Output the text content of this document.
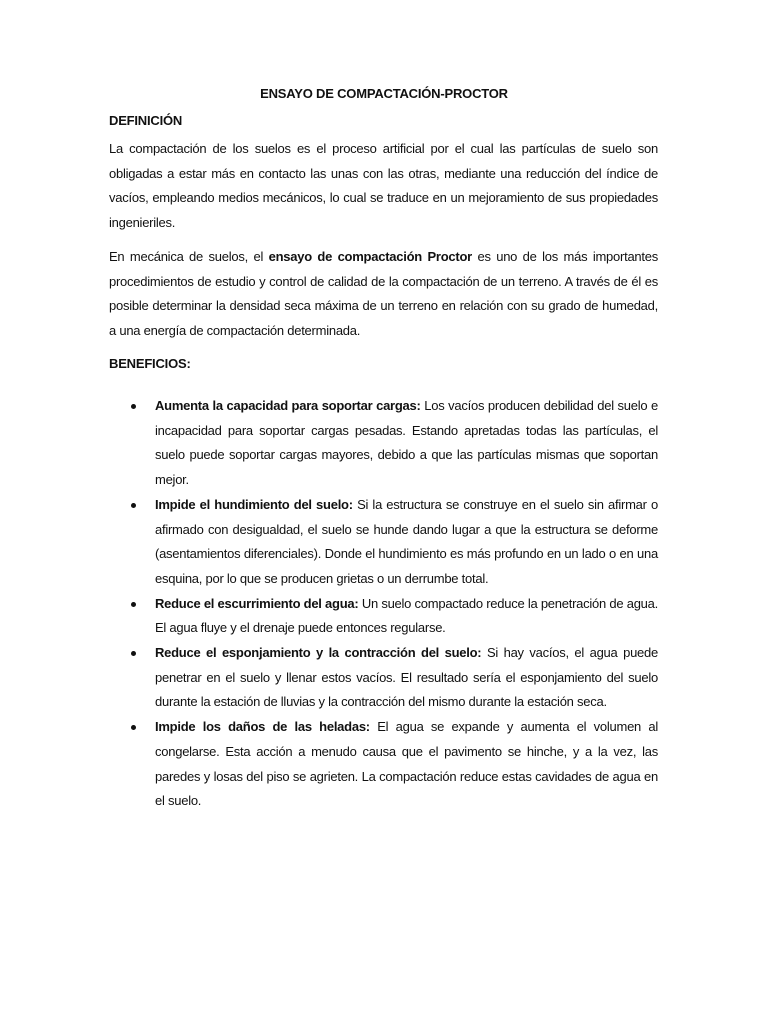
ENSAYO DE COMPACTACIÓN-PROCTOR
DEFINICIÓN

La compactación de los suelos es el proceso artificial por el cual las partículas de suelo son obligadas a estar más en contacto las unas con las otras, mediante una reducción del índice de vacíos, empleando medios mecánicos, lo cual se traduce en un mejoramiento de sus propiedades ingenieriles.

En mecánica de suelos, el ensayo de compactación Proctor es uno de los más importantes procedimientos de estudio y control de calidad de la compactación de un terreno. A través de él es posible determinar la densidad seca máxima de un terreno en relación con su grado de humedad, a una energía de compactación determinada.

BENEFICIOS:
Aumenta la capacidad para soportar cargas: Los vacíos producen debilidad del suelo e incapacidad para soportar cargas pesadas. Estando apretadas todas las partículas, el suelo puede soportar cargas mayores, debido a que las partículas mismas que soportan mejor.
Impide el hundimiento del suelo: Si la estructura se construye en el suelo sin afirmar o afirmado con desigualdad, el suelo se hunde dando lugar a que la estructura se deforme (asentamientos diferenciales). Donde el hundimiento es más profundo en un lado o en una esquina, por lo que se producen grietas o un derrumbe total.
Reduce el escurrimiento del agua: Un suelo compactado reduce la penetración de agua. El agua fluye y el drenaje puede entonces regularse.
Reduce el esponjamiento y la contracción del suelo: Si hay vacíos, el agua puede penetrar en el suelo y llenar estos vacíos. El resultado sería el esponjamiento del suelo durante la estación de lluvias y la contracción del mismo durante la estación seca.
Impide los daños de las heladas: El agua se expande y aumenta el volumen al congelarse. Esta acción a menudo causa que el pavimento se hinche, y a la vez, las paredes y losas del piso se agrieten. La compactación reduce estas cavidades de agua en el suelo.
